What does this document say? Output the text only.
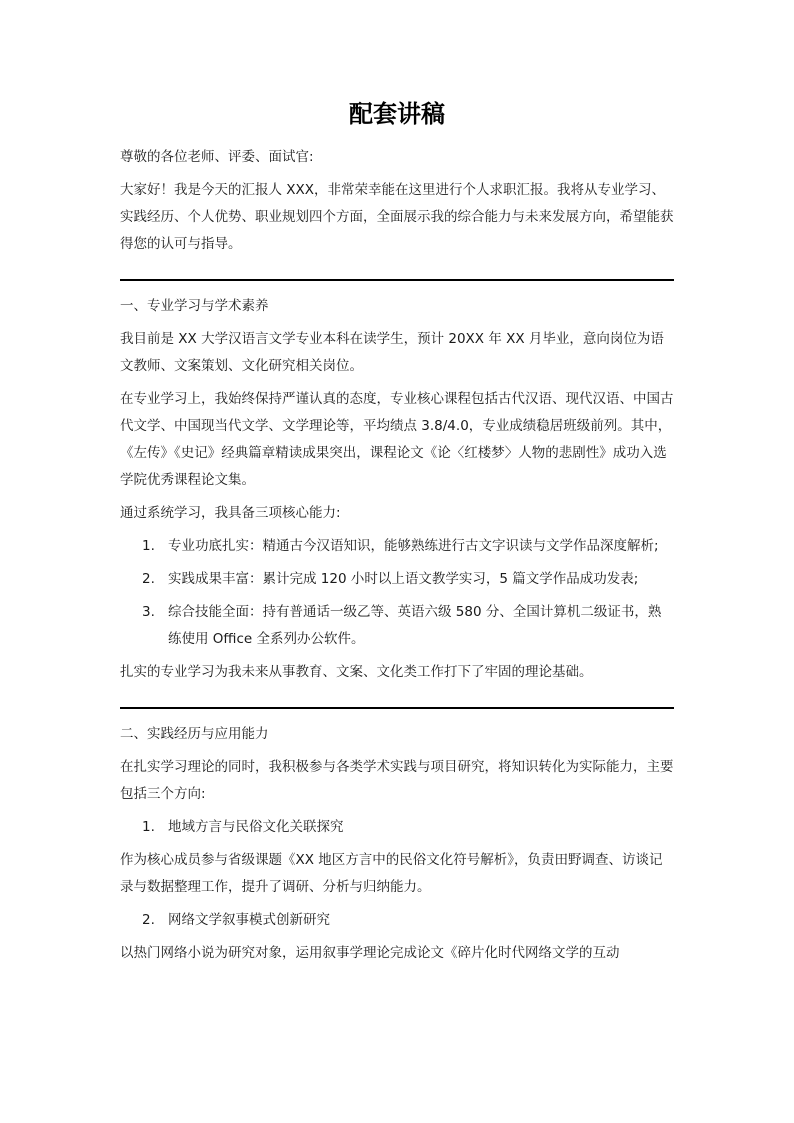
配套讲稿

尊敬的各位老师、评委、面试官:

大家好！我是今天的汇报人 XXX，非常荣幸能在这里进行个人求职汇报。我将从专业学习、实践经历、个人优势、职业规划四个方面，全面展示我的综合能力与未来发展方向，希望能获得您的认可与指导。

一、专业学习与学术素养

我目前是 XX 大学汉语言文学专业本科在读学生，预计 20XX 年 XX 月毕业，意向岗位为语文教师、文案策划、文化研究相关岗位。

在专业学习上，我始终保持严谨认真的态度，专业核心课程包括古代汉语、现代汉语、中国古代文学、中国现当代文学、文学理论等，平均绩点 3.8/4.0，专业成绩稳居班级前列。其中，《左传》《史记》经典篇章精读成果突出，课程论文《论〈红楼梦〉人物的悲剧性》成功入选学院优秀课程论文集。

通过系统学习，我具备三项核心能力:

1. 专业功底扎实：精通古今汉语知识，能够熟练进行古文字识读与文学作品深度解析;
2. 实践成果丰富：累计完成 120 小时以上语文教学实习，5 篇文学作品成功发表;
3. 综合技能全面：持有普通话一级乙等、英语六级 580 分、全国计算机二级证书，熟练使用 Office 全系列办公软件。

扎实的专业学习为我未来从事教育、文案、文化类工作打下了牢固的理论基础。

二、实践经历与应用能力

在扎实学习理论的同时，我积极参与各类学术实践与项目研究，将知识转化为实际能力，主要包括三个方向:

1. 地域方言与民俗文化关联探究

作为核心成员参与省级课题《XX 地区方言中的民俗文化符号解析》，负责田野调查、访谈记录与数据整理工作，提升了调研、分析与归纳能力。

2. 网络文学叙事模式创新研究

以热门网络小说为研究对象，运用叙事学理论完成论文《碎片化时代网络文学的互动
